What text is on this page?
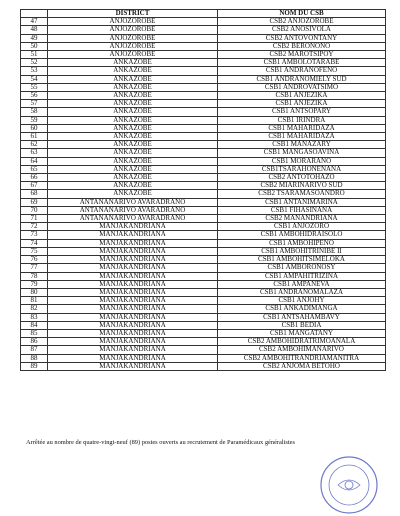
	DISTRICT	NOM DU CSB
47	ANJOZOROBE	CSB2 ANJOZOROBE
48	ANJOZOROBE	CSB2 ANOSIVOLA
49	ANJOZOROBE	CSB2 ANTOVONTANY
50	ANJOZOROBE	CSB2 BERONONO
51	ANJOZOROBE	CSB2 MAROTSIPOY
52	ANKAZOBE	CSB1 AMBOLOTARABE
53	ANKAZOBE	CSB1 ANDRANOFENO
54	ANKAZOBE	CSB1 ANDRANOMIELY SUD
55	ANKAZOBE	CSB1 ANDROVATSIMO
56	ANKAZOBE	CSB1 ANJEZIKA
57	ANKAZOBE	CSB1 ANJEZIKA
58	ANKAZOBE	CSB1 ANTSOPARY
59	ANKAZOBE	CSB1 IRINDRA
60	ANKAZOBE	CSB1 MAHARIDAZA
61	ANKAZOBE	CSB1 MAHARIDAZA
62	ANKAZOBE	CSB1 MANAZARY
63	ANKAZOBE	CSB1 MANGASOAVINA
64	ANKAZOBE	CSB1 MORARANO
65	ANKAZOBE	CSB1TSARAHONENANA
66	ANKAZOBE	CSB2 ANTOTOHAZO
67	ANKAZOBE	CSB2 MIARINARIVO SUD
68	ANKAZOBE	CSB2 TSARAMASOANDRO
69	ANTANANARIVO AVARADRANO	CSB1 ANTANIMARINA
70	ANTANANARIVO AVARADRANO	CSB1 FIHASINANA
71	ANTANANARIVO AVARADRANO	CSB2 MANANDRIANA
72	MANJAKANDRIANA	CSB1 ANJOZORO
73	MANJAKANDRIANA	CSB1 AMBOHIDRAISOLO
74	MANJAKANDRIANA	CSB1 AMBOHIPENO
75	MANJAKANDRIANA	CSB1 AMBOHITRINIBE II
76	MANJAKANDRIANA	CSB1 AMBOHITSIMELOKA
77	MANJAKANDRIANA	CSB1 AMBORONOSY
78	MANJAKANDRIANA	CSB1 AMPAHITRIZINA
79	MANJAKANDRIANA	CSB1 AMPANEVA
80	MANJAKANDRIANA	CSB1 ANDRANOMALAZA
81	MANJAKANDRIANA	CSB1 ANJOHY
82	MANJAKANDRIANA	CSB1 ANKADIMANGA
83	MANJAKANDRIANA	CSB1 ANTSAHAMBAVY
84	MANJAKANDRIANA	CSB1 BEDIA
85	MANJAKANDRIANA	CSB1 MANGATANY
86	MANJAKANDRIANA	CSB2 AMBOHIDRATRIMOANALA
87	MANJAKANDRIANA	CSB2 AMBOHIMANARIVO
88	MANJAKANDRIANA	CSB2 AMBOHITRANDRIAMANITRA
89	MANJAKANDRIANA	CSB2 ANJOMA BETOHO
Arrêtée au nombre de quatre-vingt-neuf (89) postes ouverts au recrutement de Paramédicaux généralistes
